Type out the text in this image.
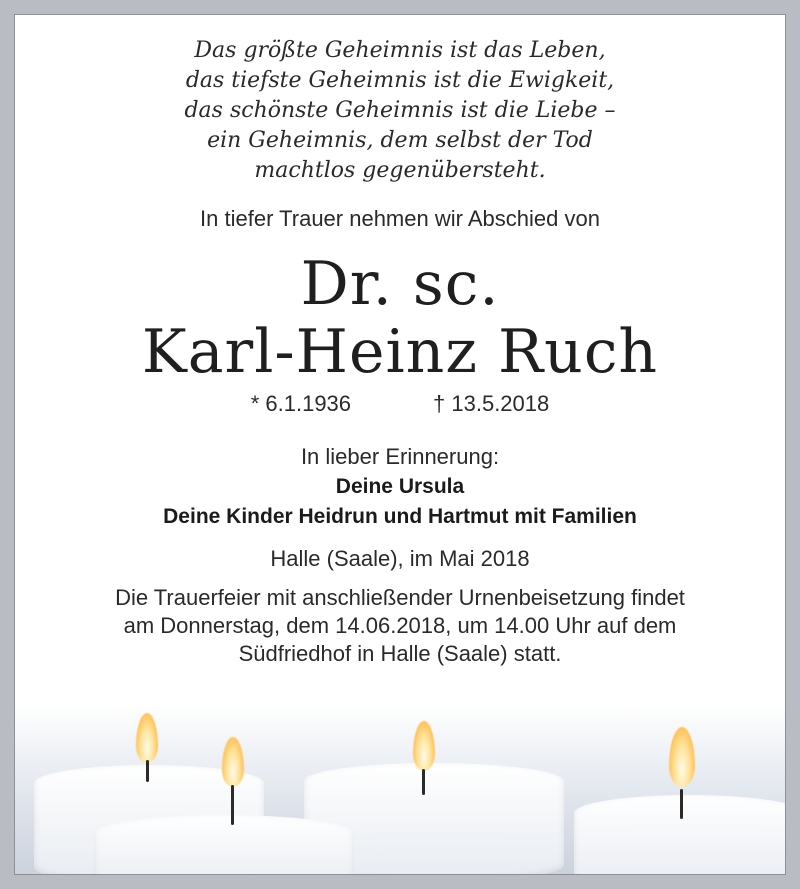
Das größte Geheimnis ist das Leben,
das tiefste Geheimnis ist die Ewigkeit,
das schönste Geheimnis ist die Liebe –
ein Geheimnis, dem selbst der Tod
machtlos gegenübersteht.
In tiefer Trauer nehmen wir Abschied von
Dr. sc.
Karl-Heinz Ruch
* 6.1.1936	† 13.5.2018
In lieber Erinnerung:
Deine Ursula
Deine Kinder Heidrun und Hartmut mit Familien
Halle (Saale), im Mai 2018
Die Trauerfeier mit anschließender Urnenbeisetzung findet
am Donnerstag, dem 14.06.2018, um 14.00 Uhr auf dem
Südfriedhof in Halle (Saale) statt.
